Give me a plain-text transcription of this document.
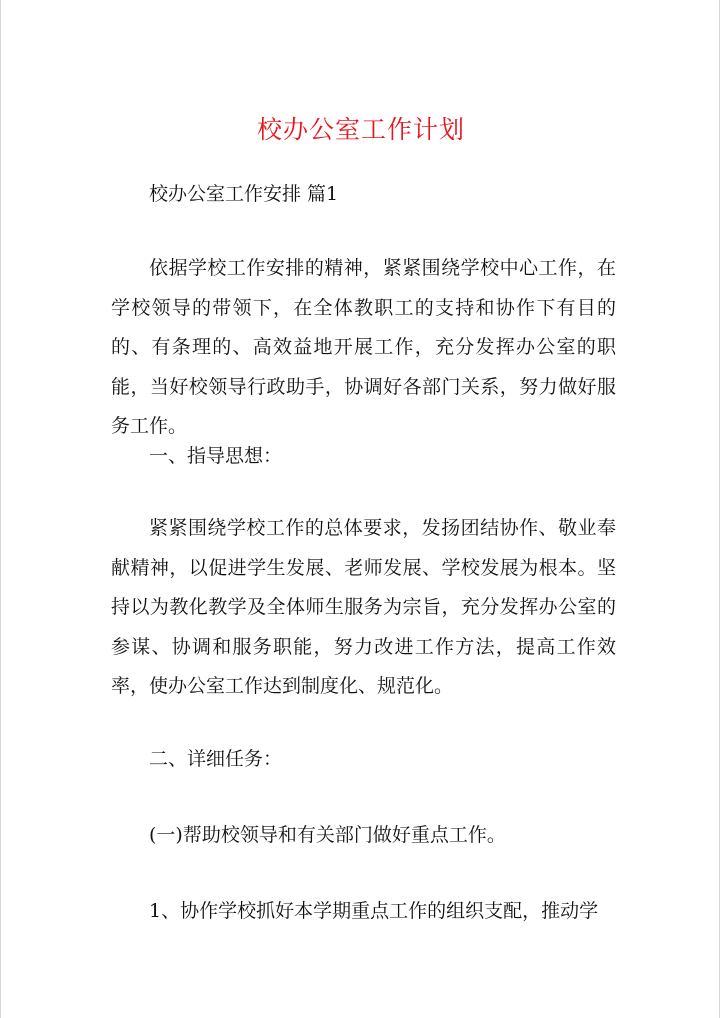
校办公室工作计划
校办公室工作安排 篇1
依据学校工作安排的精神，紧紧围绕学校中心工作，在学校领导的带领下，在全体教职工的支持和协作下有目的的、有条理的、高效益地开展工作，充分发挥办公室的职能，当好校领导行政助手，协调好各部门关系，努力做好服务工作。
一、指导思想：
紧紧围绕学校工作的总体要求，发扬团结协作、敬业奉献精神，以促进学生发展、老师发展、学校发展为根本。坚持以为教化教学及全体师生服务为宗旨，充分发挥办公室的参谋、协调和服务职能，努力改进工作方法，提高工作效率，使办公室工作达到制度化、规范化。
二、详细任务：
(一)帮助校领导和有关部门做好重点工作。
1、协作学校抓好本学期重点工作的组织支配，推动学
